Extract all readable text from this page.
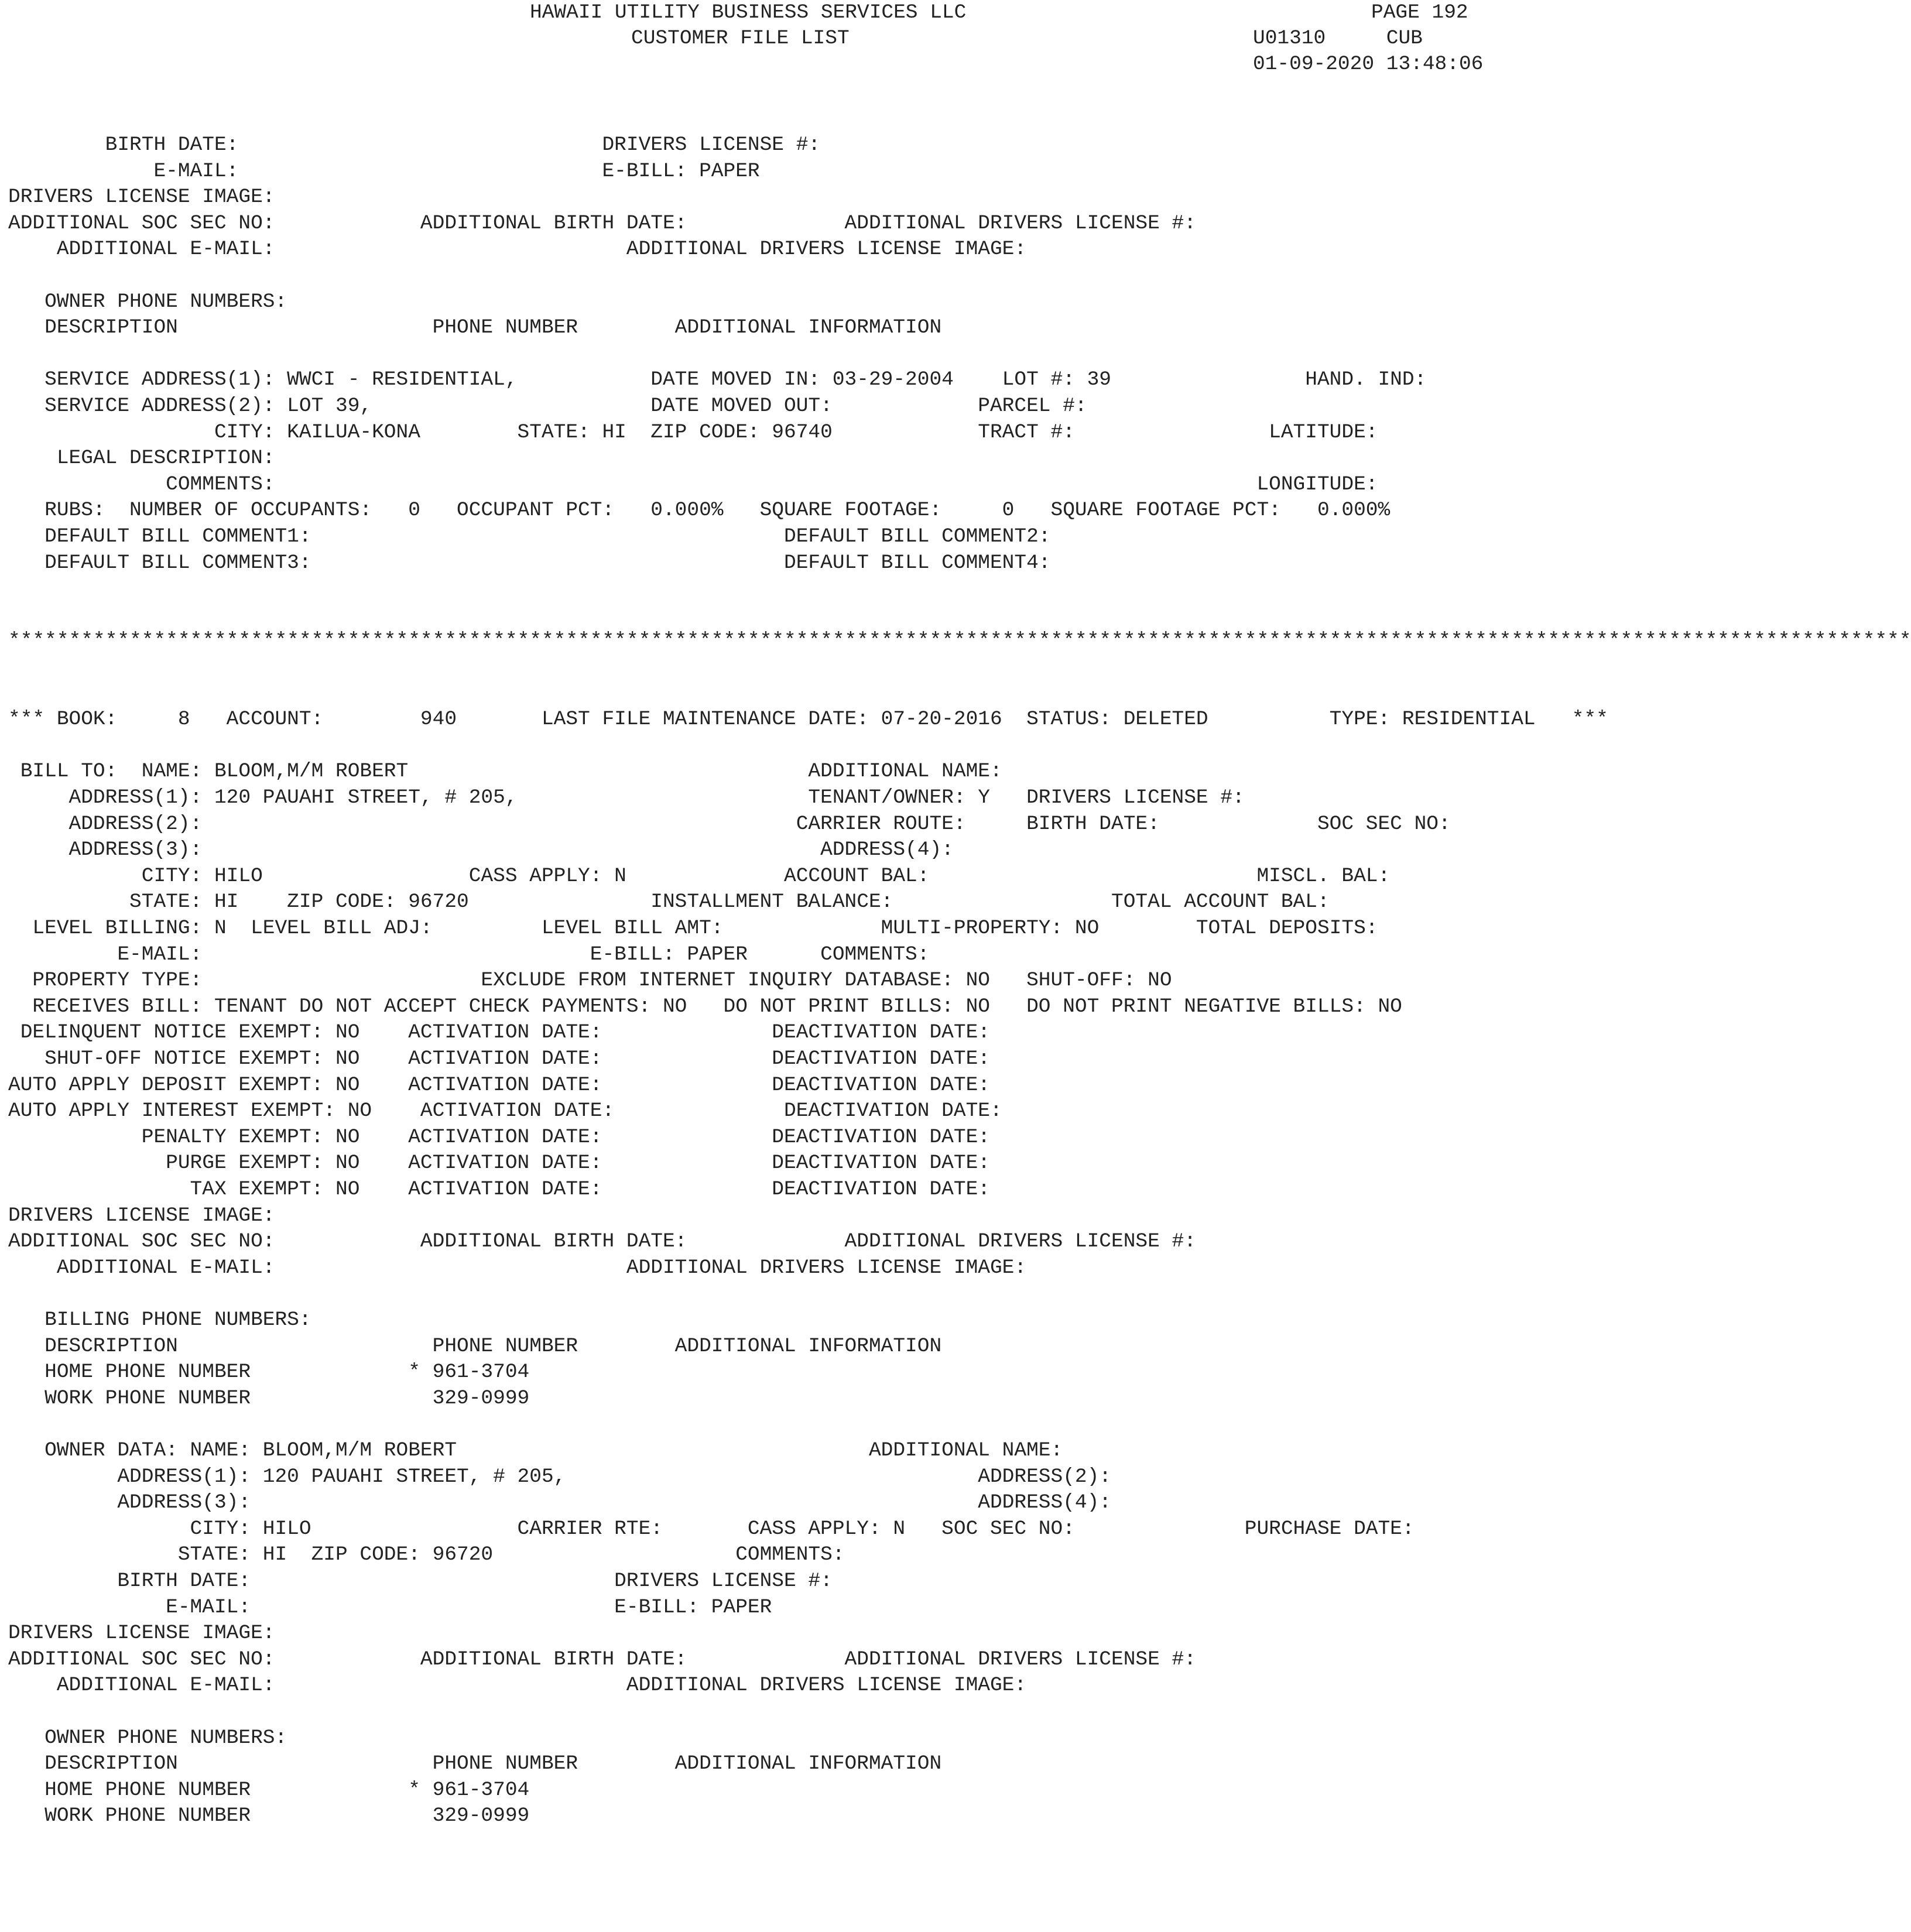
HAWAII UTILITY BUSINESS SERVICES LLC	PAGE 192
CUSTOMER FILE LIST	U01310     CUB
01-09-2020 13:48:06
BIRTH DATE:                              DRIVERS LICENSE #:
E-MAIL:                              E-BILL: PAPER
DRIVERS LICENSE IMAGE:
ADDITIONAL SOC SEC NO:            ADDITIONAL BIRTH DATE:             ADDITIONAL DRIVERS LICENSE #:
ADDITIONAL E-MAIL:                             ADDITIONAL DRIVERS LICENSE IMAGE:
OWNER PHONE NUMBERS:
DESCRIPTION                     PHONE NUMBER        ADDITIONAL INFORMATION
SERVICE ADDRESS(1): WWCI - RESIDENTIAL,           DATE MOVED IN: 03-29-2004    LOT #: 39                HAND. IND:
SERVICE ADDRESS(2): LOT 39,                       DATE MOVED OUT:            PARCEL #:
CITY: KAILUA-KONA        STATE: HI  ZIP CODE: 96740            TRACT #:                LATITUDE:
LEGAL DESCRIPTION:
COMMENTS:                                                                                 LONGITUDE:
RUBS:  NUMBER OF OCCUPANTS:   0   OCCUPANT PCT:   0.000%   SQUARE FOOTAGE:     0   SQUARE FOOTAGE PCT:   0.000%
DEFAULT BILL COMMENT1:                                       DEFAULT BILL COMMENT2:
DEFAULT BILL COMMENT3:                                       DEFAULT BILL COMMENT4:
*************************************************************************************************************************************************************
*** BOOK:     8   ACCOUNT:        940       LAST FILE MAINTENANCE DATE: 07-20-2016  STATUS: DELETED          TYPE: RESIDENTIAL   ***
BILL TO:  NAME: BLOOM,M/M ROBERT                                 ADDITIONAL NAME:
ADDRESS(1): 120 PAUAHI STREET, # 205,                        TENANT/OWNER: Y   DRIVERS LICENSE #:
ADDRESS(2):                                                 CARRIER ROUTE:     BIRTH DATE:             SOC SEC NO:
ADDRESS(3):                                                   ADDRESS(4):
CITY: HILO                 CASS APPLY: N             ACCOUNT BAL:                           MISCL. BAL:
STATE: HI    ZIP CODE: 96720               INSTALLMENT BALANCE:                  TOTAL ACCOUNT BAL:
LEVEL BILLING: N  LEVEL BILL ADJ:         LEVEL BILL AMT:             MULTI-PROPERTY: NO        TOTAL DEPOSITS:
E-MAIL:                                E-BILL: PAPER      COMMENTS:
PROPERTY TYPE:                       EXCLUDE FROM INTERNET INQUIRY DATABASE: NO   SHUT-OFF: NO
RECEIVES BILL: TENANT DO NOT ACCEPT CHECK PAYMENTS: NO   DO NOT PRINT BILLS: NO   DO NOT PRINT NEGATIVE BILLS: NO
DELINQUENT NOTICE EXEMPT: NO    ACTIVATION DATE:              DEACTIVATION DATE:
SHUT-OFF NOTICE EXEMPT: NO    ACTIVATION DATE:              DEACTIVATION DATE:
AUTO APPLY DEPOSIT EXEMPT: NO    ACTIVATION DATE:              DEACTIVATION DATE:
AUTO APPLY INTEREST EXEMPT: NO    ACTIVATION DATE:              DEACTIVATION DATE:
PENALTY EXEMPT: NO    ACTIVATION DATE:              DEACTIVATION DATE:
PURGE EXEMPT: NO    ACTIVATION DATE:              DEACTIVATION DATE:
TAX EXEMPT: NO    ACTIVATION DATE:              DEACTIVATION DATE:
DRIVERS LICENSE IMAGE:
ADDITIONAL SOC SEC NO:            ADDITIONAL BIRTH DATE:             ADDITIONAL DRIVERS LICENSE #:
ADDITIONAL E-MAIL:                             ADDITIONAL DRIVERS LICENSE IMAGE:
BILLING PHONE NUMBERS:
DESCRIPTION                     PHONE NUMBER        ADDITIONAL INFORMATION
HOME PHONE NUMBER             * 961-3704
WORK PHONE NUMBER               329-0999
OWNER DATA: NAME: BLOOM,M/M ROBERT                                  ADDITIONAL NAME:
ADDRESS(1): 120 PAUAHI STREET, # 205,                                  ADDRESS(2):
ADDRESS(3):                                                            ADDRESS(4):
CITY: HILO                 CARRIER RTE:       CASS APPLY: N   SOC SEC NO:              PURCHASE DATE:
STATE: HI  ZIP CODE: 96720                    COMMENTS:
BIRTH DATE:                              DRIVERS LICENSE #:
E-MAIL:                              E-BILL: PAPER
DRIVERS LICENSE IMAGE:
ADDITIONAL SOC SEC NO:            ADDITIONAL BIRTH DATE:             ADDITIONAL DRIVERS LICENSE #:
ADDITIONAL E-MAIL:                             ADDITIONAL DRIVERS LICENSE IMAGE:
OWNER PHONE NUMBERS:
DESCRIPTION                     PHONE NUMBER        ADDITIONAL INFORMATION
HOME PHONE NUMBER             * 961-3704
WORK PHONE NUMBER               329-0999
